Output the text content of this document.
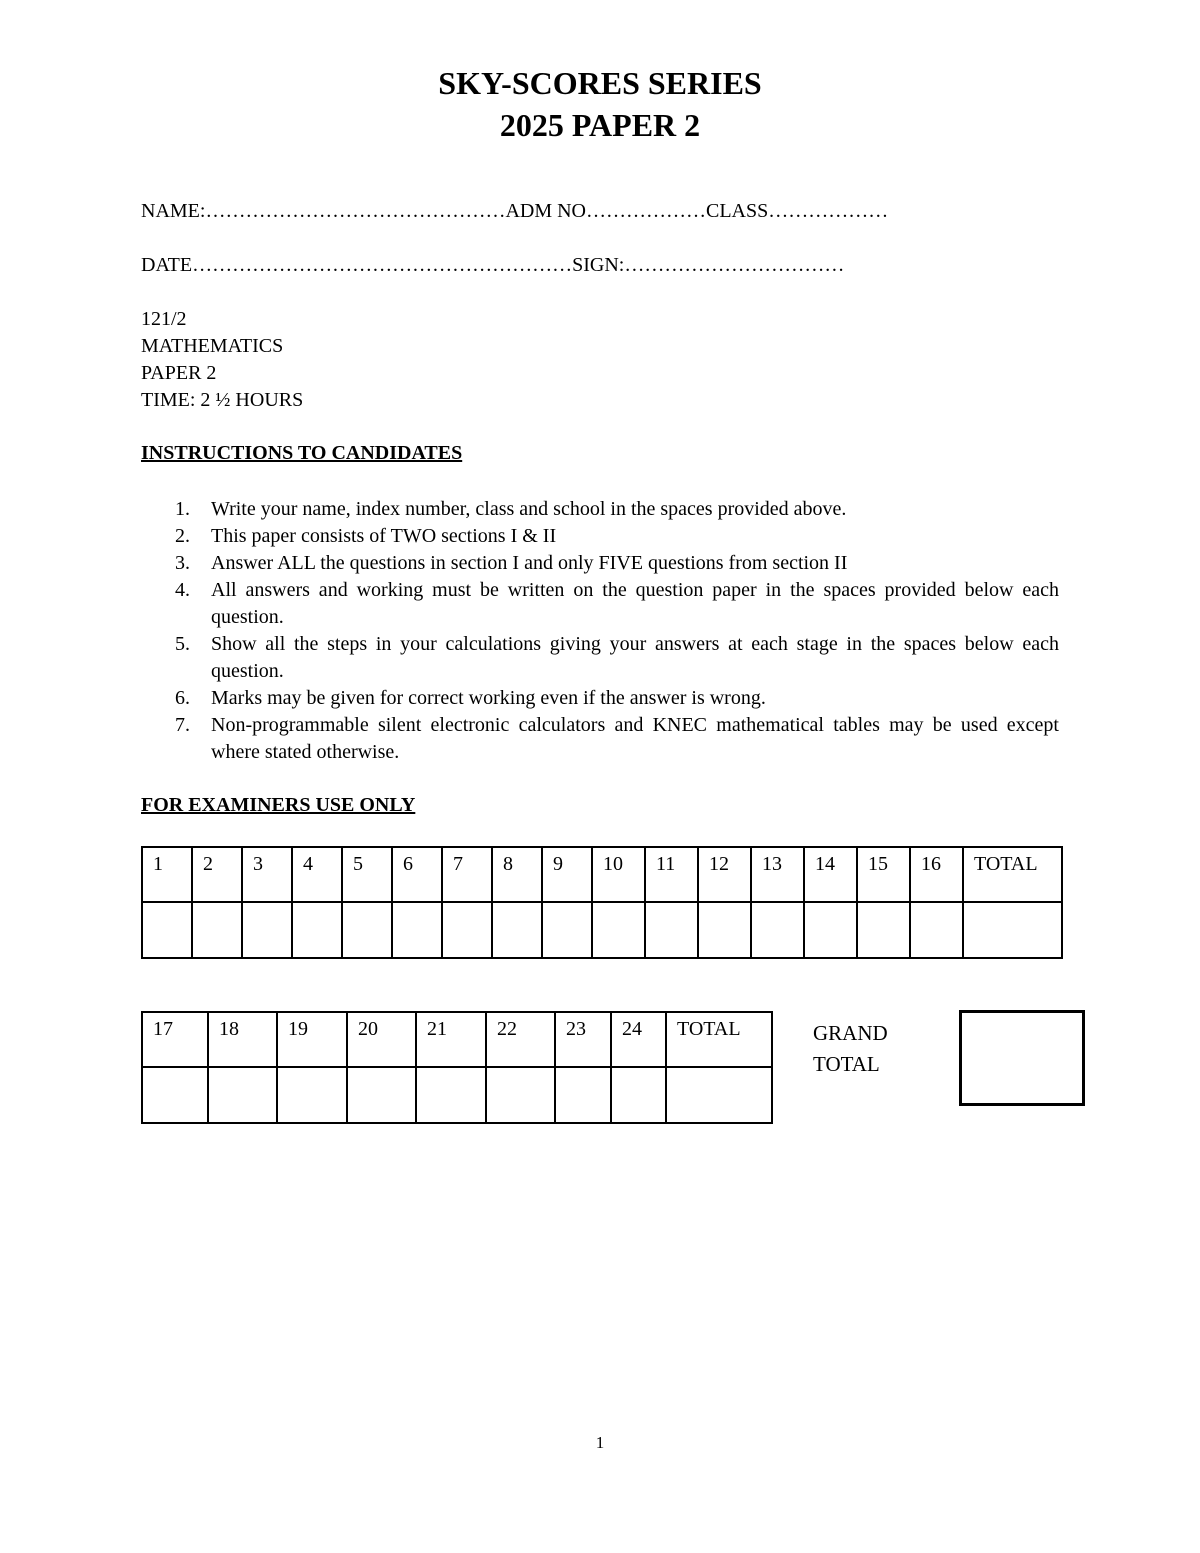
SKY-SCORES SERIES
2025 PAPER 2
NAME:………………………………………ADM NO………………CLASS………………
DATE…………………………………………………SIGN:……………………………
121/2
MATHEMATICS
PAPER 2
TIME: 2 ½ HOURS
INSTRUCTIONS TO CANDIDATES
1. Write your name, index number, class and school in the spaces provided above.
2. This paper consists of TWO sections I & II
3. Answer ALL the questions in section I and only FIVE questions from section II
4. All answers and working must be written on the question paper in the spaces provided below each question.
5. Show all the steps in your calculations giving your answers at each stage in the spaces below each question.
6. Marks may be given for correct working even if the answer is wrong.
7. Non-programmable silent electronic calculators and KNEC mathematical tables may be used except where stated otherwise.
FOR EXAMINERS USE ONLY
1	2	3	4	5	6	7	8	9	10	11	12	13	14	15	16	TOTAL

17	18	19	20	21	22	23	24	TOTAL
									GRAND
TOTAL
1
